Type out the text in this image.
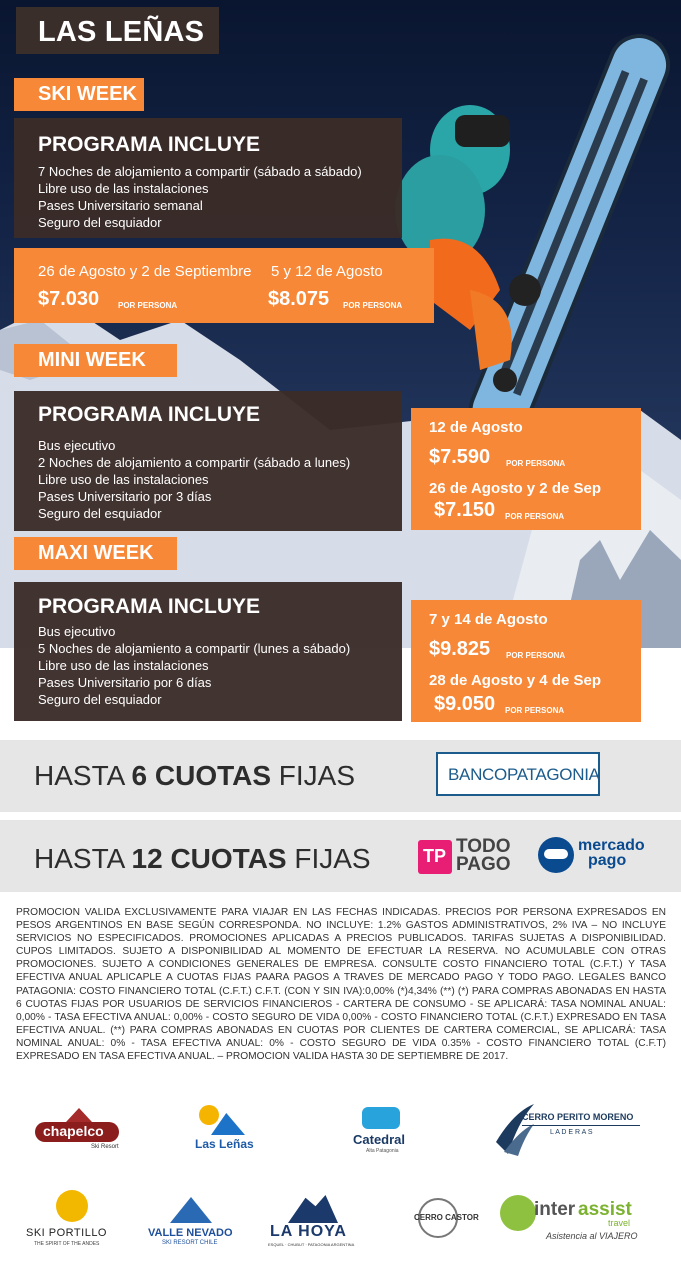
LAS LEÑAS
SKI WEEK
PROGRAMA INCLUYE
7 Noches de alojamiento a compartir (sábado a sábado)
Libre uso de las instalaciones
Pases Universitario semanal
Seguro del esquiador
26 de Agosto y 2 de Septiembre
$7.030 POR PERSONA
5 y 12 de Agosto
$8.075 POR PERSONA
MINI WEEK
PROGRAMA INCLUYE
Bus ejecutivo
2 Noches de alojamiento a compartir (sábado a lunes)
Libre uso de las instalaciones
Pases Universitario por 3 días
Seguro del esquiador
12 de Agosto
$7.590 POR PERSONA
26 de Agosto y 2 de Sep
$7.150 POR PERSONA
MAXI WEEK
PROGRAMA INCLUYE
Bus ejecutivo
5 Noches de alojamiento a compartir (lunes a sábado)
Libre uso de las instalaciones
Pases Universitario por 6 días
Seguro del esquiador
7 y 14 de Agosto
$9.825 POR PERSONA
28 de Agosto y 4 de Sep
$9.050 POR PERSONA
HASTA 6 CUOTAS FIJAS	BANCOPATAGONIA
HASTA 12 CUOTAS FIJAS	TP TODO
PAGO
mercado
pago
PROMOCION VALIDA EXCLUSIVAMENTE PARA VIAJAR EN LAS FECHAS INDICADAS. PRECIOS POR PERSONA EXPRESADOS EN PESOS ARGENTINOS EN BASE SEGÚN CORRESPONDA. NO INCLUYE: 1.2% GASTOS ADMINISTRATIVOS, 2% IVA – NO INCLUYE SERVICIOS NO ESPECIFICADOS. PROMOCIONES APLICADAS A PRECIOS PUBLICADOS. TARIFAS SUJETAS A DISPONIBILIDAD. CUPOS LIMITADOS. SUJETO A DISPONIBILIDAD AL MOMENTO DE EFECTUAR LA RESERVA. NO ACUMULABLE CON OTRAS PROMOCIONES. SUJETO A CONDICIONES GENERALES DE EMPRESA. CONSULTE COSTO FINANCIERO TOTAL (C.F.T.) Y TASA EFECTIVA ANUAL APLICAPLE A CUOTAS FIJAS PAARA PAGOS A TRAVES DE MERCADO PAGO Y TODO PAGO. LEGALES BANCO PATAGONIA: COSTO FINANCIERO TOTAL (C.F.T.) C.F.T. (CON Y SIN IVA):0,00% (*)4,34% (**) (*) PARA COMPRAS ABONADAS EN HASTA 6 CUOTAS FIJAS POR USUARIOS DE SERVICIOS FINANCIEROS - CARTERA DE CONSUMO - SE APLICARÁ: TASA NOMINAL ANUAL: 0,00% - TASA EFECTIVA ANUAL: 0,00% - COSTO SEGURO DE VIDA 0,00% - COSTO FINANCIERO TOTAL (C.F.T.) EXPRESADO EN TASA EFECTIVA ANUAL. (**) PARA COMPRAS ABONADAS EN CUOTAS POR CLIENTES DE CARTERA COMERCIAL, SE APLICARÁ: TASA NOMINAL ANUAL: 0% - TASA EFECTIVA ANUAL: 0% - COSTO SEGURO DE VIDA 0.35% - COSTO FINANCIERO TOTAL (C.F.T) EXPRESADO EN TASA EFECTIVA ANUAL. – PROMOCION VALIDA HASTA 30 DE SEPTIEMBRE DE 2017.
chapelco
Ski Resort	Las Leñas	Catedral
Alta Patagonia
CERRO PERITO MORENO
L A D E R A S
SKI PORTILLO
THE SPIRIT OF THE ANDES
VALLE NEVADO
SKI RESORT CHILE
LA HOYA
ESQUEL · CHUBUT · PATAGONIA ARGENTINA
CERRO CASTOR	inter assist
travel
Asistencia al VIAJERO
